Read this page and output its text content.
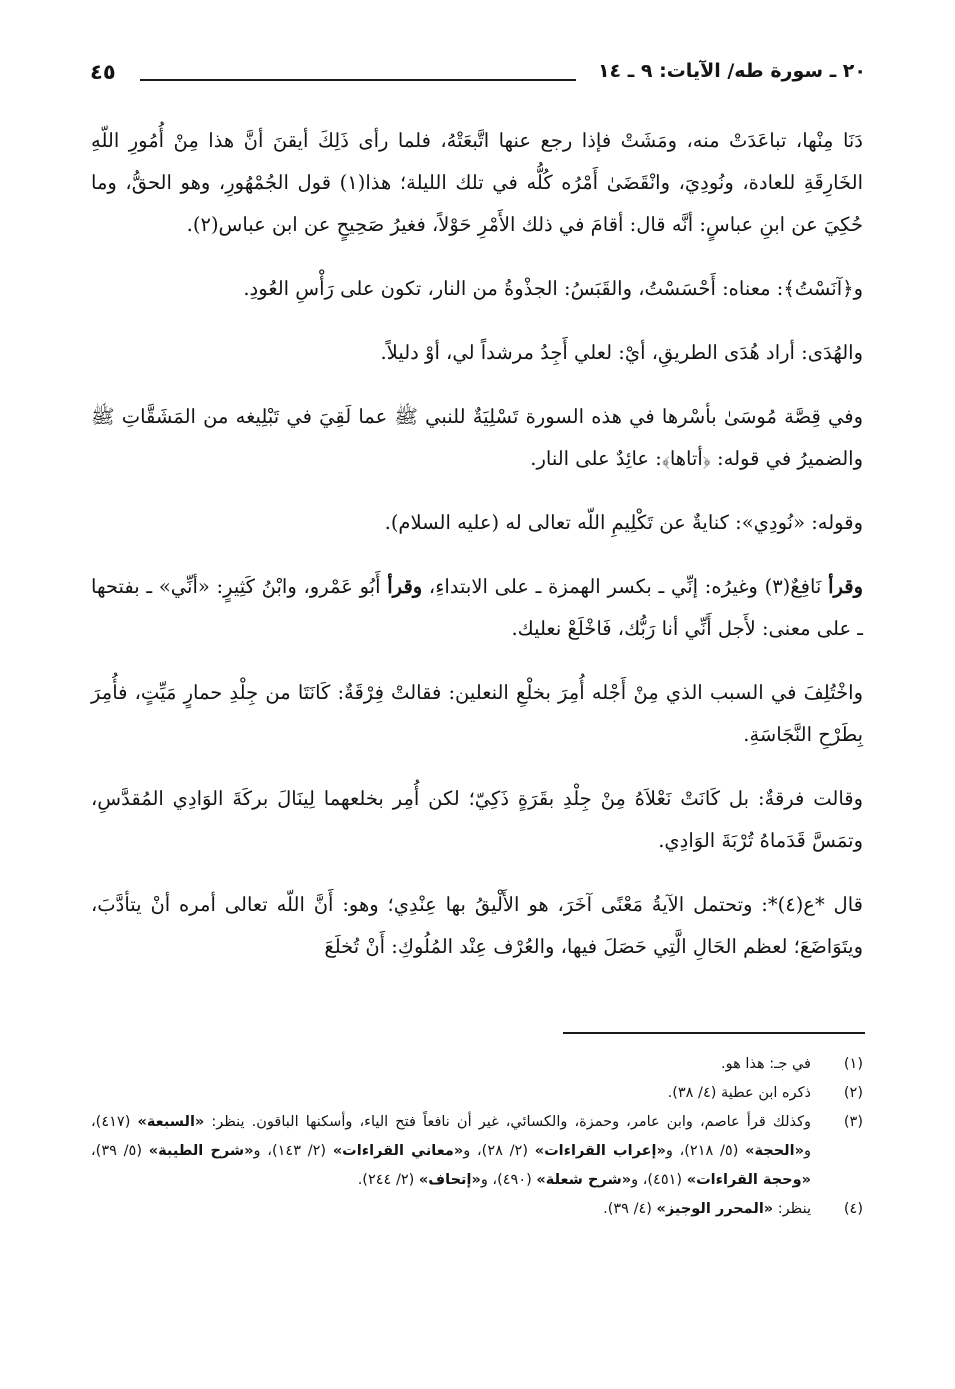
٤٥	٢٠ ـ سورة طه/ الآيات: ٩ ـ ١٤

دَنَا مِنْها، تباعَدَتْ منه، ومَشَتْ فإذا رجع عنها اتَّبعَتْهُ، فلما رأى ذَلِكَ أيقنَ أنَّ هذا مِنْ أُمُورِ اللّهِ الخَارِقَةِ للعادة، ونُودِيَ، وانْقَضَىٰ أَمْرُه كُلُّه في تلك الليلة؛ هذا(١) قول الجُمْهُورِ، وهو الحقُّ، وما حُكِيَ عن ابنِ عباسٍ: أنَّه قال: أقامَ في ذلك الأَمْرِ حَوْلاً، فغيرُ صَحِيحٍ عن ابن عباس(٢).

و﴿آنَسْتُ﴾: معناه: أَحْسَسْتُ، والقَبَسُ: الجذْوةُ من النار، تكون على رَأْسِ العُودِ.

والهُدَى: أراد هُدَى الطريقِ، أيْ: لعلي أَجِدُ مرشداً لي، أوْ دليلاً.

وفي قِصَّة مُوسَىٰ بأسْرها في هذه السورة تَسْلِيَةٌ للنبي ﷺ عما لَقِيَ في تَبْلِيغه من المَشَقَّاتِ ﷺ والضميرُ في قوله: ﴿أتاها﴾: عائِدٌ على النار.

وقوله: «نُودِي»: كنايةٌ عن تَكْلِيمِ اللّه تعالى له (عليه السلام).

وقرأ نَافِعٌ(٣) وغيرُه: إنِّي ـ بكسر الهمزة ـ على الابتداءِ، وقرأ أَبُو عَمْرو، وابْنُ كَثِيرٍ: «أنِّي» ـ بفتحها ـ على معنى: لأَجل أَنِّي أنا رَبُّك، فَاخْلَعْ نعليك.

واخْتُلِفَ في السبب الذي مِنْ أَجْله أُمِرَ بخلْعِ النعلين: فقالتْ فِرْقَةٌ: كَانَتَا من جِلْدِ حمارٍ مَيِّتٍ، فأُمِرَ بِطَرْحِ النَّجَاسَةِ.

وقالت فرقةٌ: بل كَانَتْ نَعْلاَهُ مِنْ جِلْدِ بقَرَةٍ ذَكِيّ؛ لكن أُمِر بخلعهما لِينَالَ بركَةَ الوَادِي المُقدَّسِ، وتمَسَّ قَدَماهُ تُرْبَةَ الوَادِي.

قال *ع(٤)*: وتحتمل الآيةُ مَعْنًى آخَرَ، هو الأَلْيقُ بها عِنْدِي؛ وهو: أَنَّ اللّه تعالى أمره أنْ يتأدَّبَ، ويتَوَاضَعَ؛ لعظم الحَالِ الَّتِي حَصَلَ فيها، والعُرْف عِنْد المُلُوكِ: أَنْ تُخلَعَ

(١)
في جـ: هذا هو.
(٢)
ذكره ابن عطية (٤/ ٣٨).
(٣)
وكذلك قرأ عاصم، وابن عامر، وحمزة، والكسائي، غير أن نافعاً فتح الياء، وأسكنها الباقون. ينظر: «السبعة» (٤١٧)، و«الحجة» (٥/ ٢١٨)، و«إعراب القراءات» (٢/ ٢٨)، و«معاني القراءات» (٢/ ١٤٣)، و«شرح الطيبة» (٥/ ٣٩)، «وحجة القراءات» (٤٥١)، و«شرح شعلة» (٤٩٠)، و«إتحاف» (٢/ ٢٤٤).
(٤)
ينظر: «المحرر الوجيز» (٤/ ٣٩).
